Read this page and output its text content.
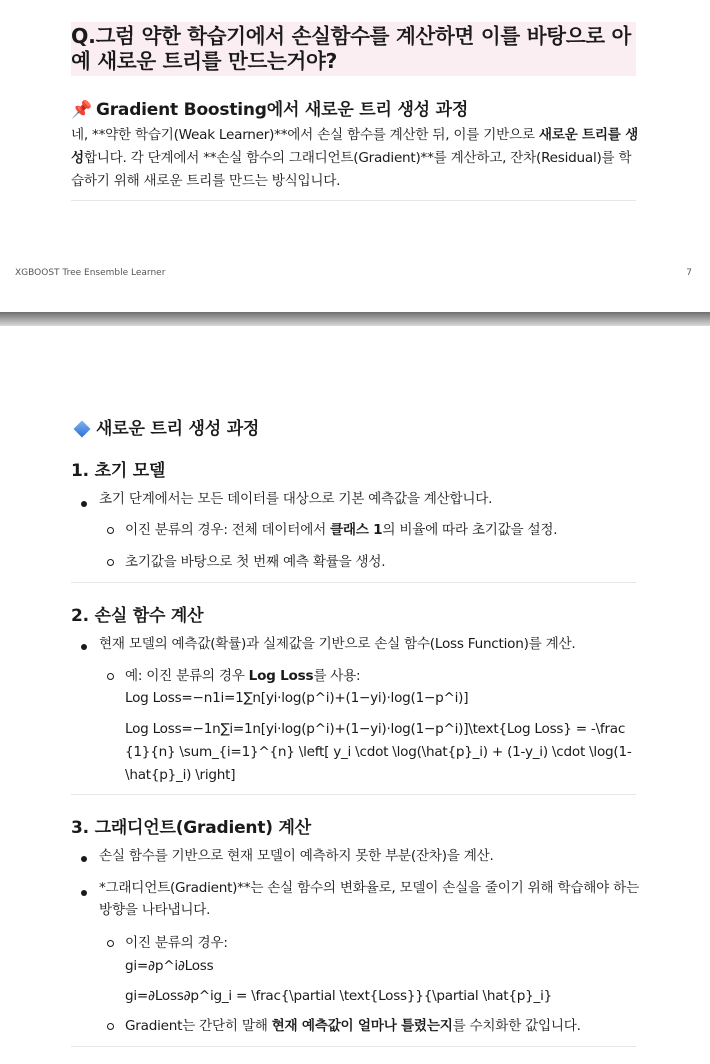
Q.그럼 약한 학습기에서 손실함수를 계산하면 이를 바탕으로 아예 새로운 트리를 만드는거야?
📌 Gradient Boosting에서 새로운 트리 생성 과정
네, **약한 학습기(Weak Learner)**에서 손실 함수를 계산한 뒤, 이를 기반으로 새로운 트리를 생성합니다. 각 단계에서 **손실 함수의 그래디언트(Gradient)**를 계산하고, 잔차(Residual)를 학습하기 위해 새로운 트리를 만드는 방식입니다.
XGBOOST Tree Ensemble Learner	7
새로운 트리 생성 과정
1. 초기 모델
초기 단계에서는 모든 데이터를 대상으로 기본 예측값을 계산합니다.
이진 분류의 경우: 전체 데이터에서 클래스 1의 비율에 따라 초기값을 설정.
초기값을 바탕으로 첫 번째 예측 확률을 생성.
2. 손실 함수 계산
현재 모델의 예측값(확률)과 실제값을 기반으로 손실 함수(Loss Function)를 계산.
예: 이진 분류의 경우 Log Loss를 사용:
Log Loss=−n1i=1∑n[yi⋅log(p^i)+(1−yi)⋅log(1−p^i)]
Log Loss=−1n∑i=1n[yi⋅log(p^i)+(1−yi)⋅log(1−p^i)]\text{Log Loss} = -\frac{1}{n} \sum_{i=1}^{n} \left[ y_i \cdot \log(\hat{p}_i) + (1-y_i) \cdot \log(1-\hat{p}_i) \right]
3. 그래디언트(Gradient) 계산
손실 함수를 기반으로 현재 모델이 예측하지 못한 부분(잔차)을 계산.
*그래디언트(Gradient)**는 손실 함수의 변화율로, 모델이 손실을 줄이기 위해 학습해야 하는 방향을 나타냅니다.
이진 분류의 경우:
gi=∂p^i∂Loss
gi=∂Loss∂p^ig_i = \frac{\partial \text{Loss}}{\partial \hat{p}_i}
Gradient는 간단히 말해 현재 예측값이 얼마나 틀렸는지를 수치화한 값입니다.
